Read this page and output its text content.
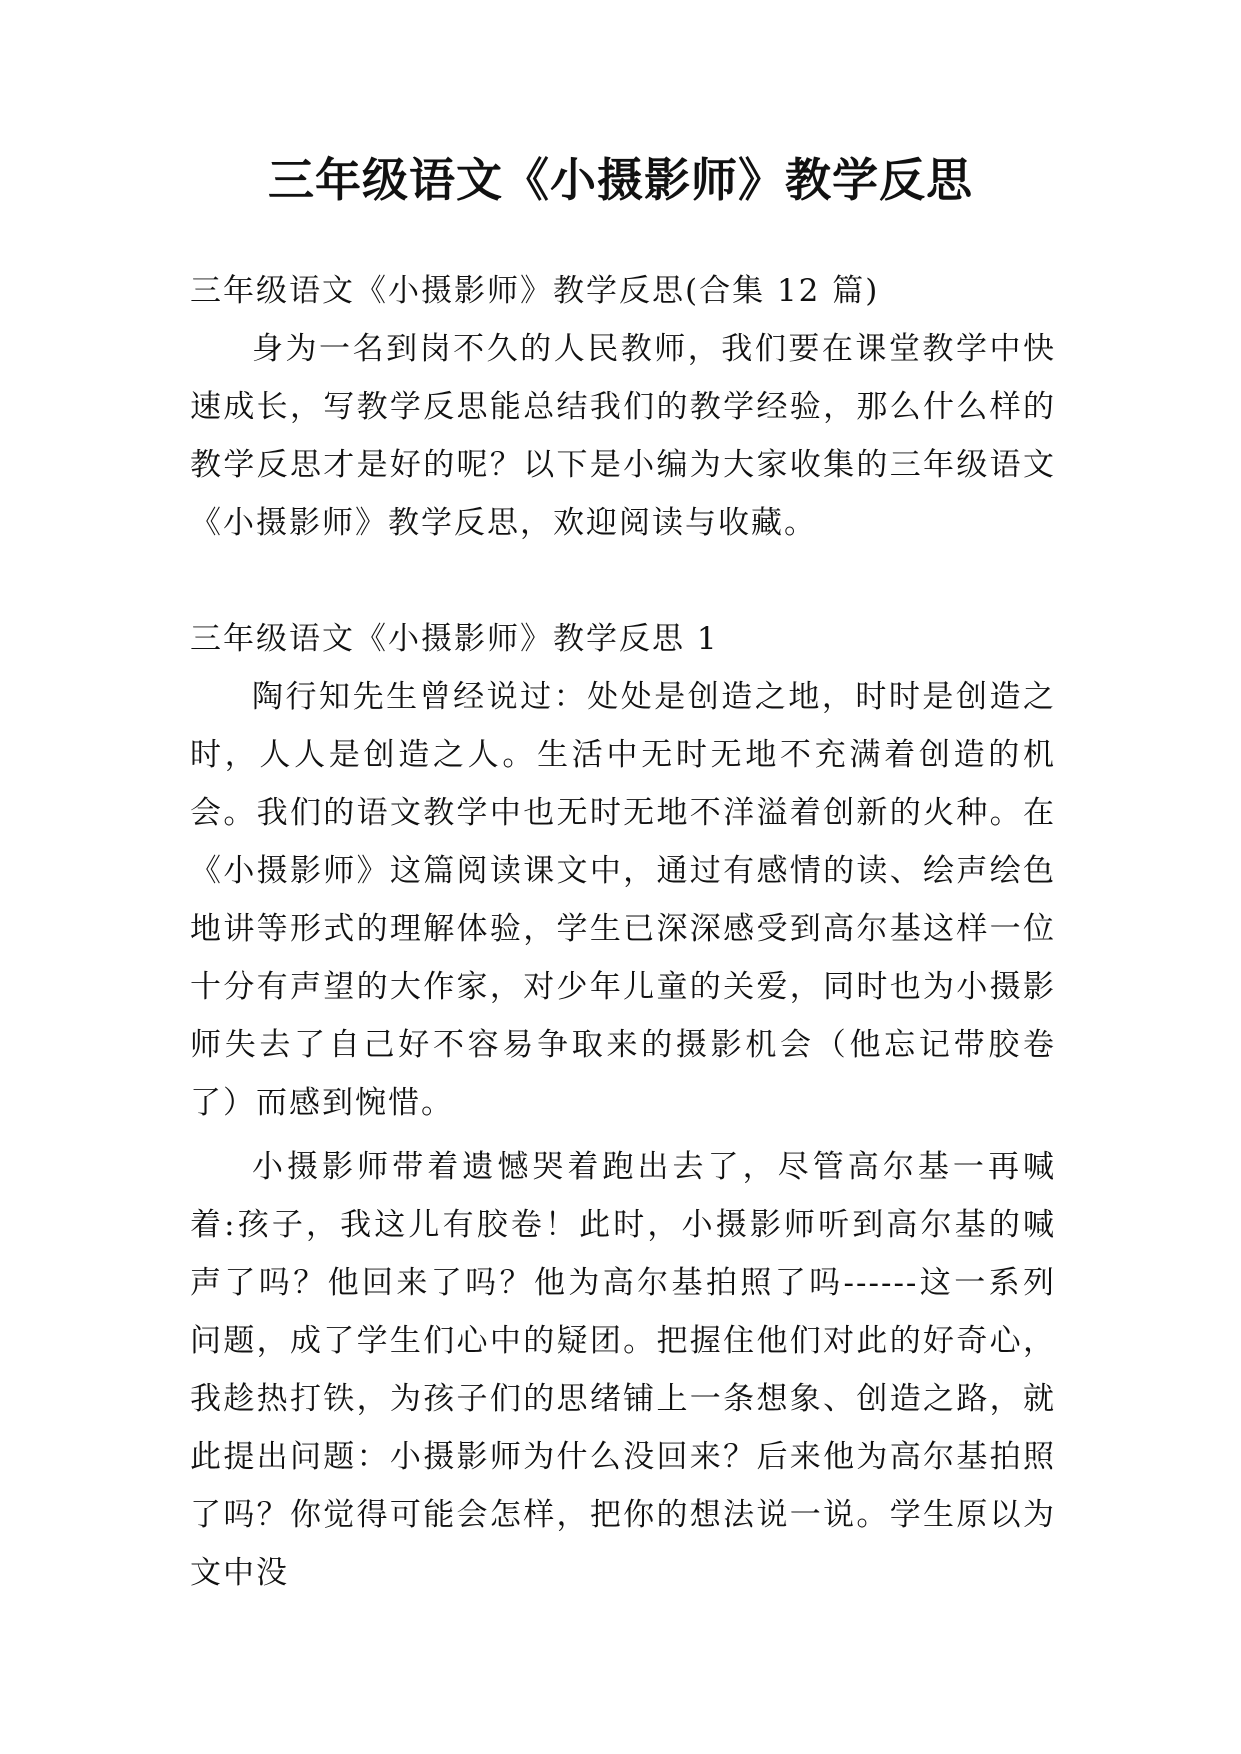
三年级语文《小摄影师》教学反思

三年级语文《小摄影师》教学反思(合集 12 篇)

身为一名到岗不久的人民教师，我们要在课堂教学中快速成长，写教学反思能总结我们的教学经验，那么什么样的教学反思才是好的呢？以下是小编为大家收集的三年级语文《小摄影师》教学反思，欢迎阅读与收藏。

三年级语文《小摄影师》教学反思 1

陶行知先生曾经说过：处处是创造之地，时时是创造之时，人人是创造之人。生活中无时无地不充满着创造的机会。我们的语文教学中也无时无地不洋溢着创新的火种。在《小摄影师》这篇阅读课文中，通过有感情的读、绘声绘色地讲等形式的理解体验，学生已深深感受到高尔基这样一位十分有声望的大作家，对少年儿童的关爱，同时也为小摄影师失去了自己好不容易争取来的摄影机会（他忘记带胶卷了）而感到惋惜。

小摄影师带着遗憾哭着跑出去了，尽管高尔基一再喊着:孩子，我这儿有胶卷！此时，小摄影师听到高尔基的喊声了吗？他回来了吗？他为高尔基拍照了吗------这一系列问题，成了学生们心中的疑团。把握住他们对此的好奇心，我趁热打铁，为孩子们的思绪铺上一条想象、创造之路，就此提出问题：小摄影师为什么没回来？后来他为高尔基拍照了吗？你觉得可能会怎样，把你的想法说一说。学生原以为文中没
